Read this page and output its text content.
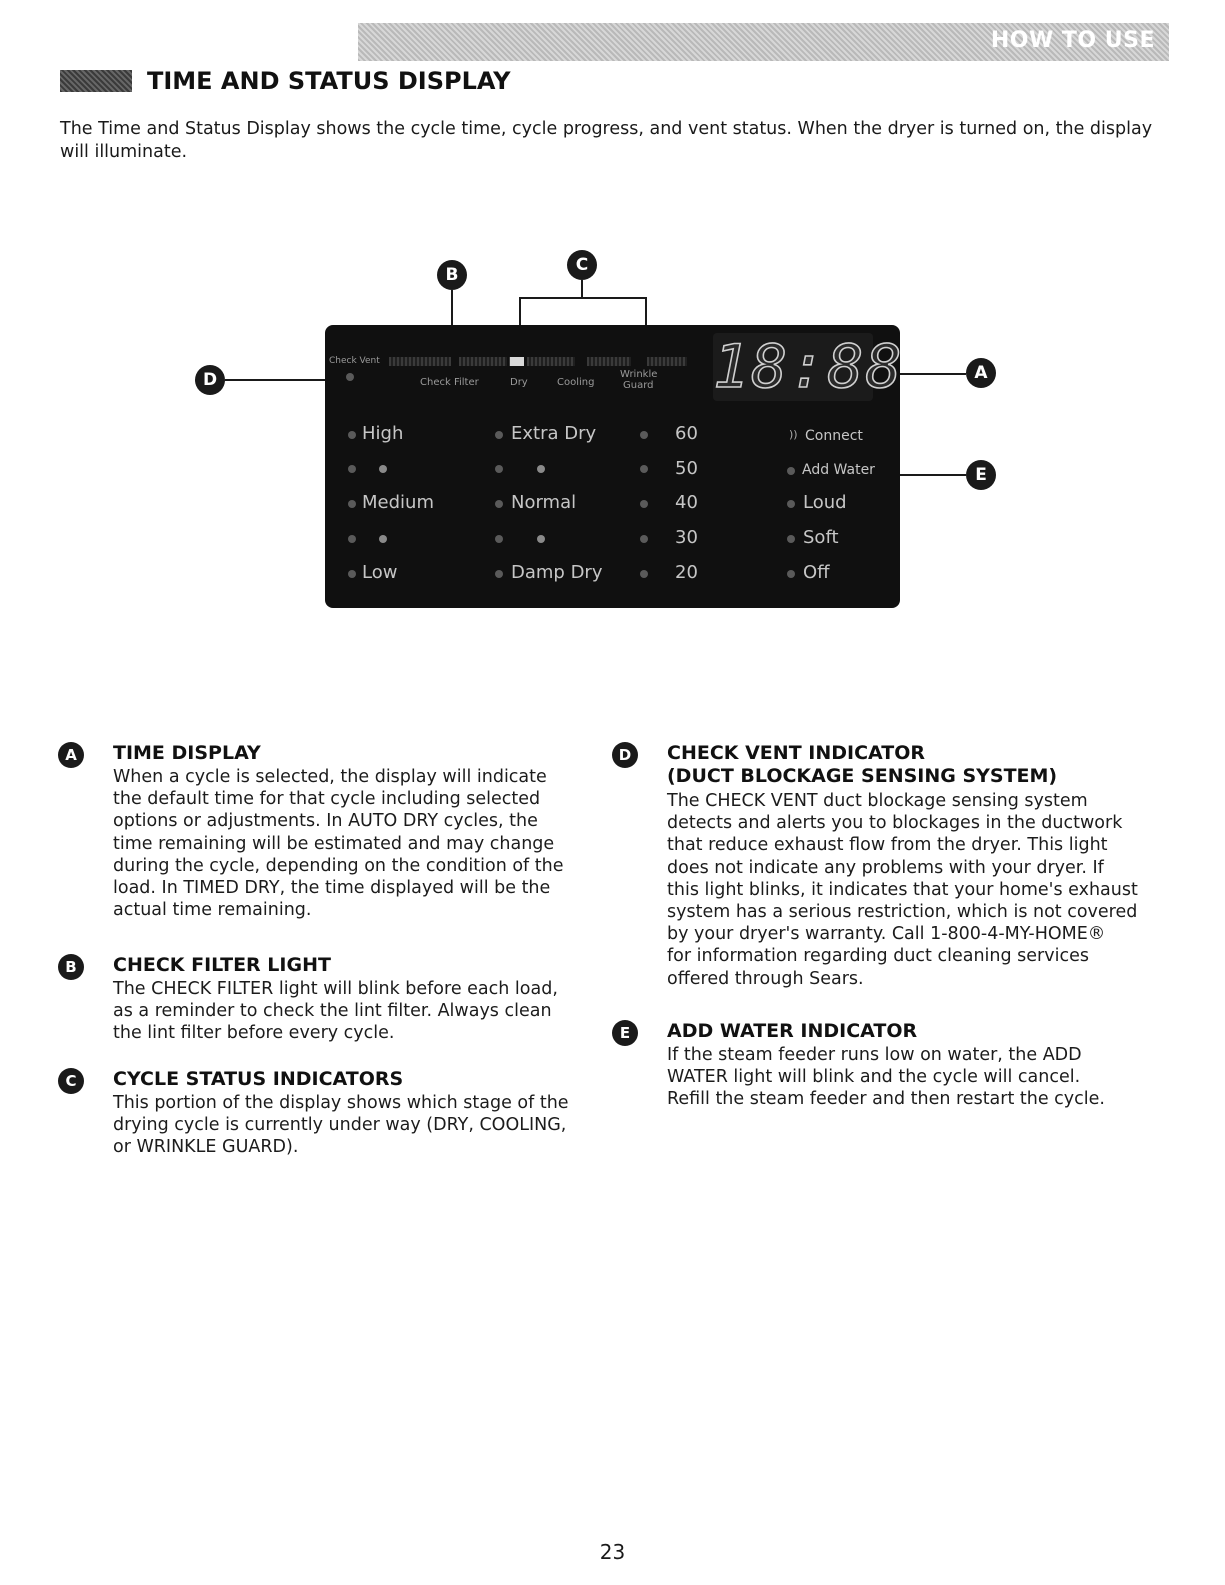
HOW TO USE
TIME AND STATUS DISPLAY
The Time and Status Display shows the cycle time, cycle progress, and vent status. When the dryer is turned on, the display will illuminate.
B	C
D	A
E
Check Vent
Check Filter	Dry	Cooling
Wrinkle
Guard 18:88
High
Medium
Low
Extra Dry
Normal
Damp Dry
60
50
40
30
20
)) Connect
Add Water
Loud
Soft
Off
A	TIME DISPLAY
When a cycle is selected, the display will indicate
the default time for that cycle including selected
options or adjustments. In AUTO DRY cycles, the
time remaining will be estimated and may change
during the cycle, depending on the condition of the
load. In TIMED DRY, the time displayed will be the
actual time remaining.
B	CHECK FILTER LIGHT
The CHECK FILTER light will blink before each load,
as a reminder to check the lint filter. Always clean
the lint filter before every cycle.
C	CYCLE STATUS INDICATORS
This portion of the display shows which stage of the
drying cycle is currently under way (DRY, COOLING,
or WRINKLE GUARD).
D	CHECK VENT INDICATOR
(DUCT BLOCKAGE SENSING SYSTEM)
The CHECK VENT duct blockage sensing system
detects and alerts you to blockages in the ductwork
that reduce exhaust flow from the dryer. This light
does not indicate any problems with your dryer. If
this light blinks, it indicates that your home's exhaust
system has a serious restriction, which is not covered
by your dryer's warranty. Call 1-800-4-MY-HOME®
for information regarding duct cleaning services
offered through Sears.
E	ADD WATER INDICATOR
If the steam feeder runs low on water, the ADD
WATER light will blink and the cycle will cancel.
Refill the steam feeder and then restart the cycle.
23
